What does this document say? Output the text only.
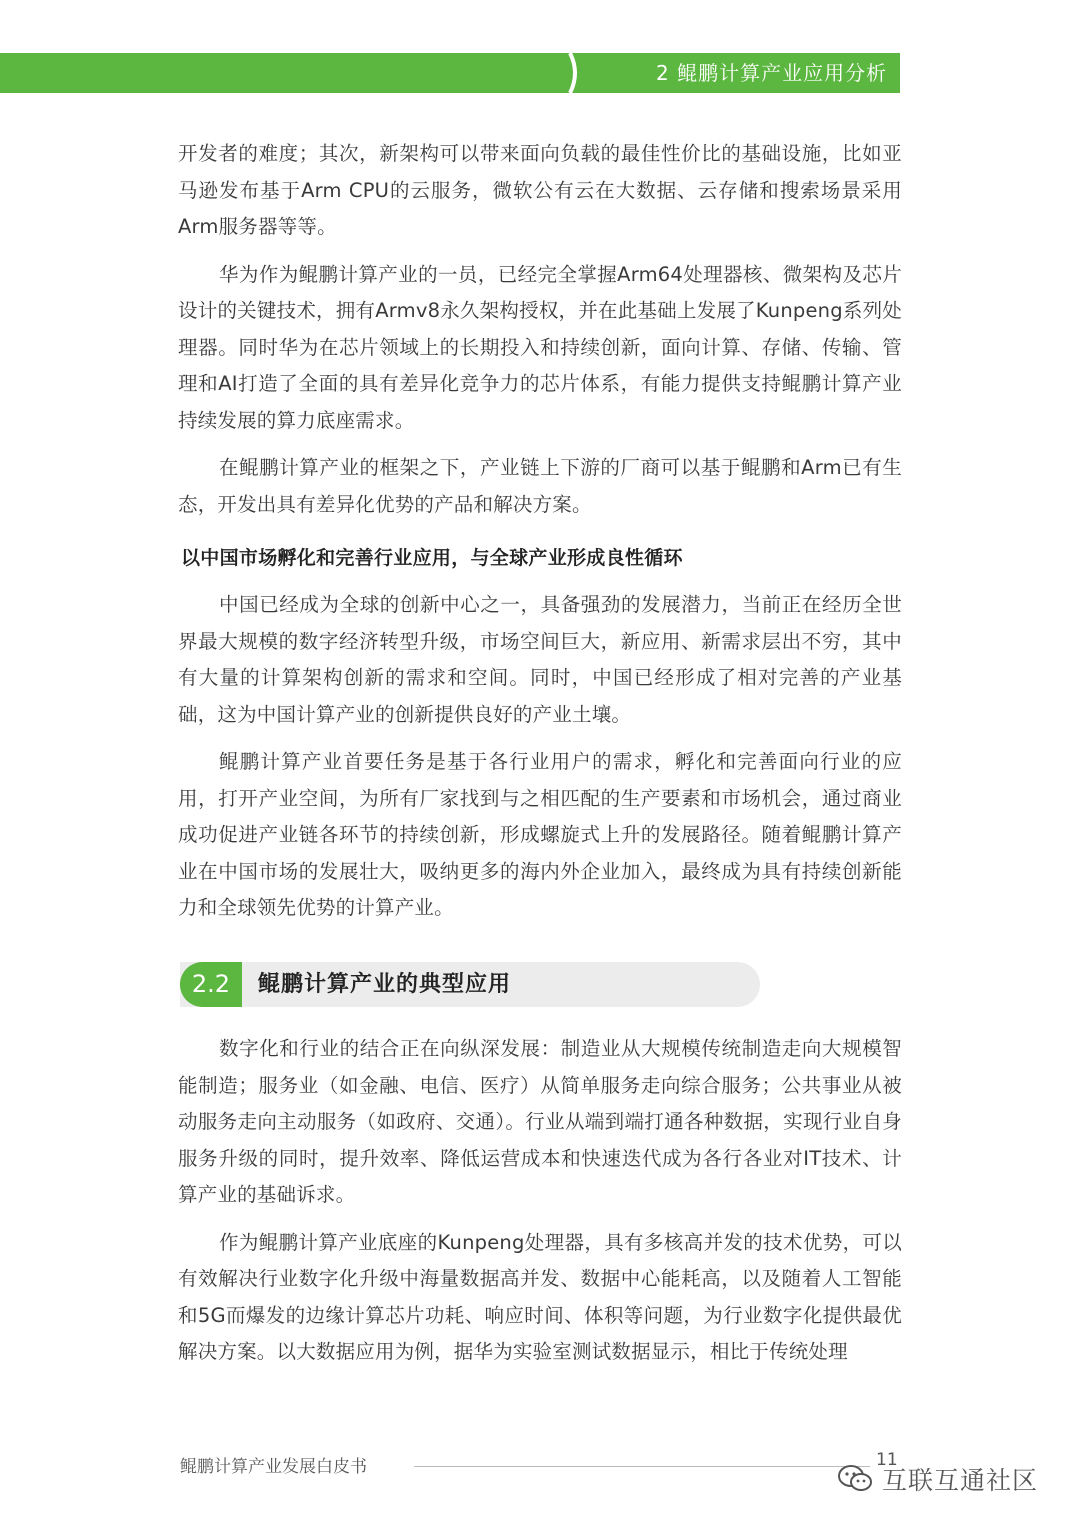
2 鲲鹏计算产业应用分析

开发者的难度；其次，新架构可以带来面向负载的最佳性价比的基础设施，比如亚马逊发布基于Arm CPU的云服务，微软公有云在大数据、云存储和搜索场景采用Arm服务器等等。

华为作为鲲鹏计算产业的一员，已经完全掌握Arm64处理器核、微架构及芯片设计的关键技术，拥有Armv8永久架构授权，并在此基础上发展了Kunpeng系列处理器。同时华为在芯片领域上的长期投入和持续创新，面向计算、存储、传输、管理和AI打造了全面的具有差异化竞争力的芯片体系，有能力提供支持鲲鹏计算产业持续发展的算力底座需求。

在鲲鹏计算产业的框架之下，产业链上下游的厂商可以基于鲲鹏和Arm已有生态，开发出具有差异化优势的产品和解决方案。

以中国市场孵化和完善行业应用，与全球产业形成良性循环

中国已经成为全球的创新中心之一，具备强劲的发展潜力，当前正在经历全世界最大规模的数字经济转型升级，市场空间巨大，新应用、新需求层出不穷，其中有大量的计算架构创新的需求和空间。同时，中国已经形成了相对完善的产业基础，这为中国计算产业的创新提供良好的产业土壤。

鲲鹏计算产业首要任务是基于各行业用户的需求，孵化和完善面向行业的应用，打开产业空间，为所有厂家找到与之相匹配的生产要素和市场机会，通过商业成功促进产业链各环节的持续创新，形成螺旋式上升的发展路径。随着鲲鹏计算产业在中国市场的发展壮大，吸纳更多的海内外企业加入，最终成为具有持续创新能力和全球领先优势的计算产业。

2.2	鲲鹏计算产业的典型应用

数字化和行业的结合正在向纵深发展：制造业从大规模传统制造走向大规模智能制造；服务业（如金融、电信、医疗）从简单服务走向综合服务；公共事业从被动服务走向主动服务（如政府、交通）。行业从端到端打通各种数据，实现行业自身服务升级的同时，提升效率、降低运营成本和快速迭代成为各行各业对IT技术、计算产业的基础诉求。

作为鲲鹏计算产业底座的Kunpeng处理器，具有多核高并发的技术优势，可以有效解决行业数字化升级中海量数据高并发、数据中心能耗高，以及随着人工智能和5G而爆发的边缘计算芯片功耗、响应时间、体积等问题，为行业数字化提供最优解决方案。以大数据应用为例，据华为实验室测试数据显示，相比于传统处理

鲲鹏计算产业发展白皮书	11
互联互通社区
